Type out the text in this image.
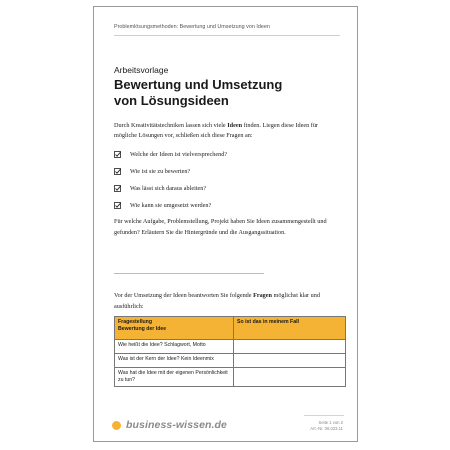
Problemlösungsmethoden: Bewertung und Umsetzung von Ideen
Arbeitsvorlage
Bewertung und Umsetzung
von Lösungsideen
Durch Kreativitätstechniken lassen sich viele Ideen finden. Liegen diese Ideen für mögliche Lösungen vor, schließen sich diese Fragen an:
Welche der Ideen ist vielversprechend?
Wie ist sie zu bewerten?
Was lässt sich daraus ableiten?
Wie kann sie umgesetzt werden?
Für welche Aufgabe, Problemstellung, Projekt haben Sie Ideen zusammengestellt und gefunden? Erläutern Sie die Hintergründe und die Ausgangssituation.
Vor der Umsetzung der Ideen beantworten Sie folgende Fragen möglichst klar und ausführlich:
Fragestellung
Bewertung der Idee	So ist das in meinem Fall
Wie heißt die Idee? Schlagwort, Motto	
Was ist der Kern der Idee? Kein Ideenmix	
Was hat die Idee mit der eigenen Persönlichkeit zu tun?	
business-wissen.de	Seite 1 von 2
Art.-Nr. 06.023.11
